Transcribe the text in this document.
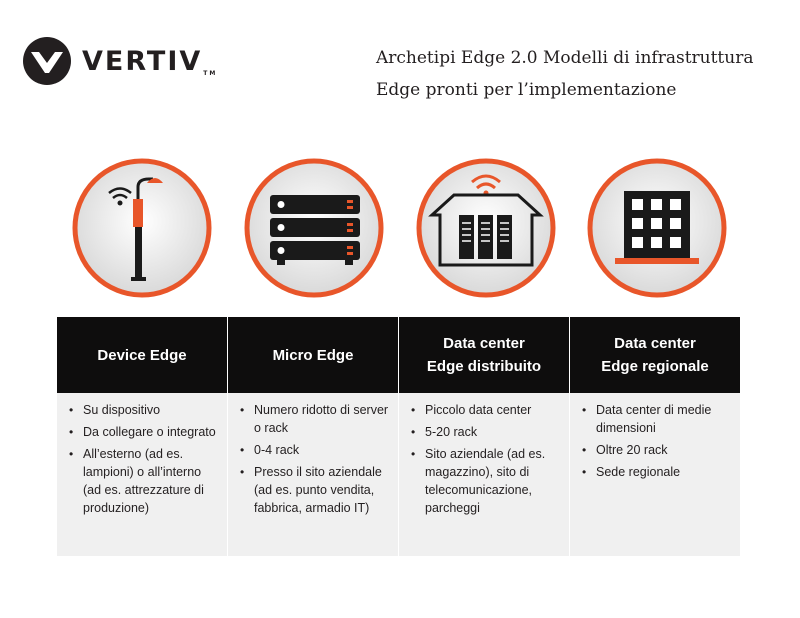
VERTIVTM
Archetipi Edge 2.0 Modelli di infrastruttura
Edge pronti per l’implementazione
Device Edge
• Su dispositivo
• Da collegare o integrato
• All’esterno (ad es. lampioni) o all’interno (ad es. attrezzature di produzione)
Micro Edge
• Numero ridotto di server o rack
• 0-4 rack
• Presso il sito aziendale (ad es. punto vendita, fabbrica, armadio IT)
Data center
Edge distribuito
• Piccolo data center
• 5-20 rack
• Sito aziendale (ad es. magazzino), sito di telecomunicazione, parcheggi
Data center
Edge regionale
• Data center di medie dimensioni
• Oltre 20 rack
• Sede regionale
